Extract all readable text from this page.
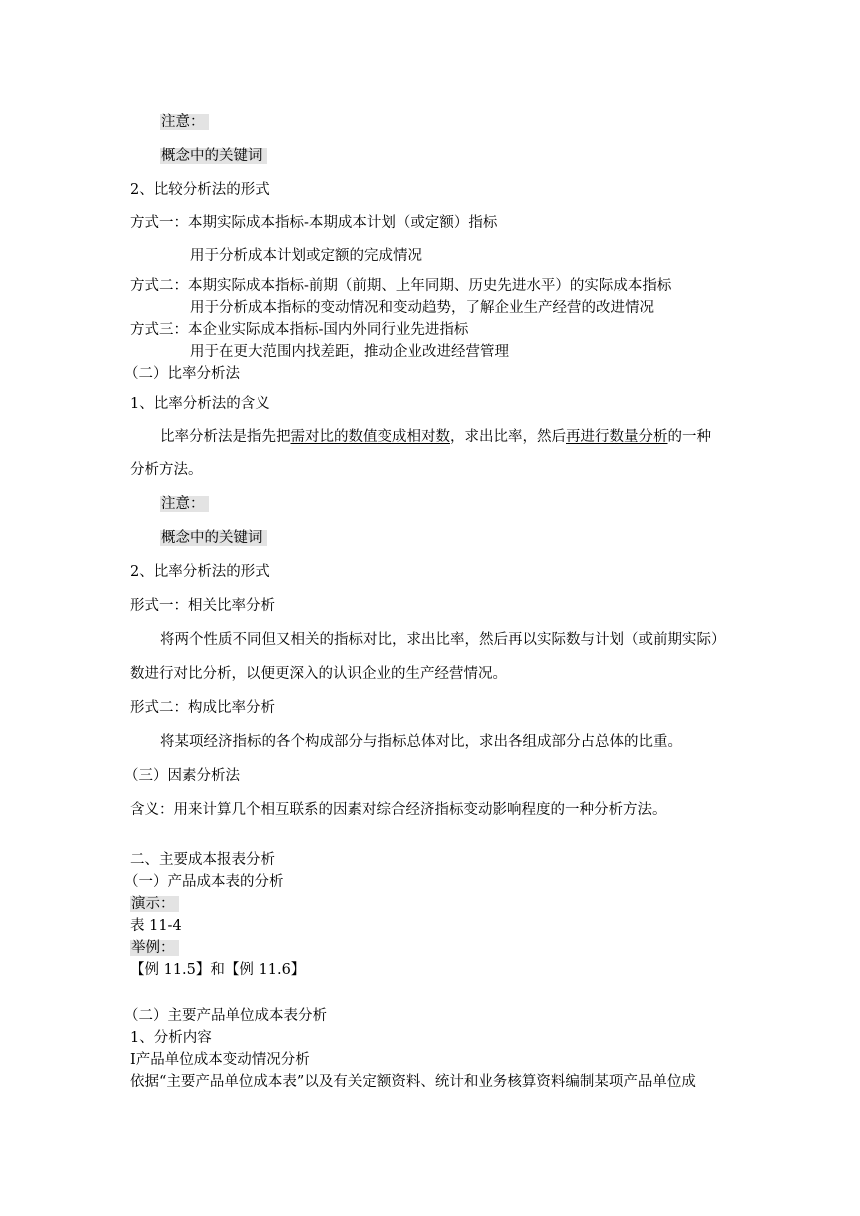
注意：
概念中的关键词
2、比较分析法的形式
方式一：本期实际成本指标-本期成本计划（或定额）指标
用于分析成本计划或定额的完成情况
方式二：本期实际成本指标-前期（前期、上年同期、历史先进水平）的实际成本指标
用于分析成本指标的变动情况和变动趋势，了解企业生产经营的改进情况
方式三：本企业实际成本指标-国内外同行业先进指标
用于在更大范围内找差距，推动企业改进经营管理
（二）比率分析法
1、比率分析法的含义
比率分析法是指先把需对比的数值变成相对数，求出比率，然后再进行数量分析的一种
分析方法。
注意：
概念中的关键词
2、比率分析法的形式
形式一：相关比率分析
将两个性质不同但又相关的指标对比，求出比率，然后再以实际数与计划（或前期实际）
数进行对比分析，以便更深入的认识企业的生产经营情况。
形式二：构成比率分析
将某项经济指标的各个构成部分与指标总体对比，求出各组成部分占总体的比重。
（三）因素分析法
含义：用来计算几个相互联系的因素对综合经济指标变动影响程度的一种分析方法。
二、主要成本报表分析
（一）产品成本表的分析
演示：
表 11-4
举例：
【例 11.5】和【例 11.6】
（二）主要产品单位成本表分析
1、分析内容
Ⅰ产品单位成本变动情况分析
依据“主要产品单位成本表”以及有关定额资料、统计和业务核算资料编制某项产品单位成
